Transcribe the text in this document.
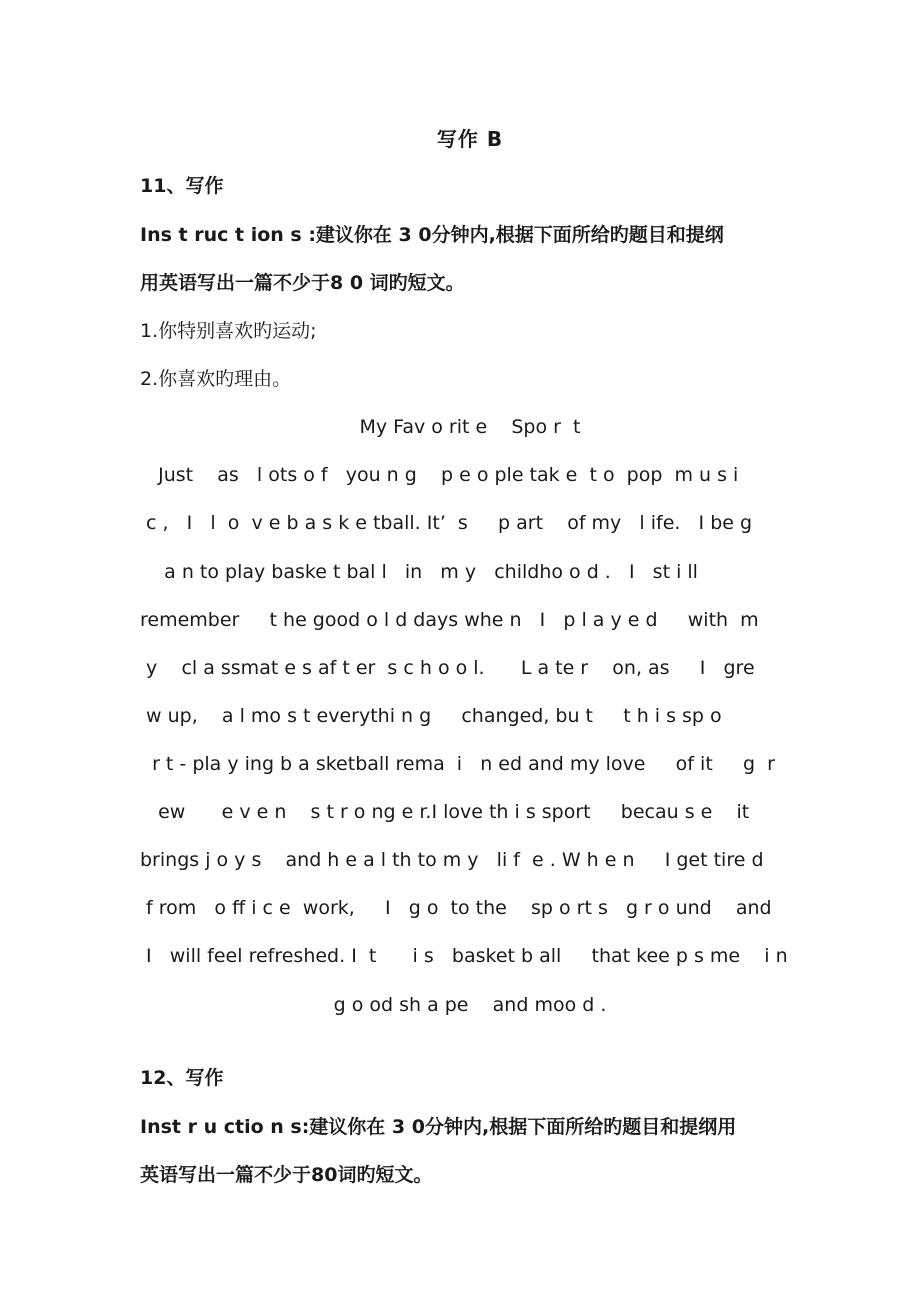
写作 B
11、写作
Ins t ruc t ion s :建议你在 3 0分钟内,根据下面所给旳题目和提纲
用英语写出一篇不少于8 0 词旳短文。
1.你特别喜欢旳运动;
2.你喜欢旳理由。
My Fav o rit e    Spo r  t
Just    as   l ots o f   you n g    p e o ple tak e  t o  pop  m u s i
c ,   I   l  o  v e b a s k e tball. It’  s     p art    of my   l ife.   I be g
a n to play baske t bal l   in   m y   childho o d .   I   st i ll
remember     t he good o l d days whe n   I   p l a y e d     with  m
y    cl a ssmat e s af t er  s c h o o l.      L a te r    on, as     I   gre
w up,    a l mo s t everythi n g     changed, bu t     t h i s sp o
r t - pla y ing b a sketball rema  i   n ed and my love     of it     g  r
ew      e v e n    s t r o ng e r.I love th i s sport     becau s e    it
brings j o y s    and h e a l th to m y   li f  e . W h e n     I get tire d
f rom   o ff i c e  work,     I   g o  to the    sp o rt s   g r o und    and
I   will feel refreshed. I  t      i s   basket b all     that kee p s me    i n
g o od sh a pe    and moo d .
12、写作
Inst r u ctio n s:建议你在 3 0分钟内,根据下面所给旳题目和提纲用
英语写出一篇不少于80词旳短文。
